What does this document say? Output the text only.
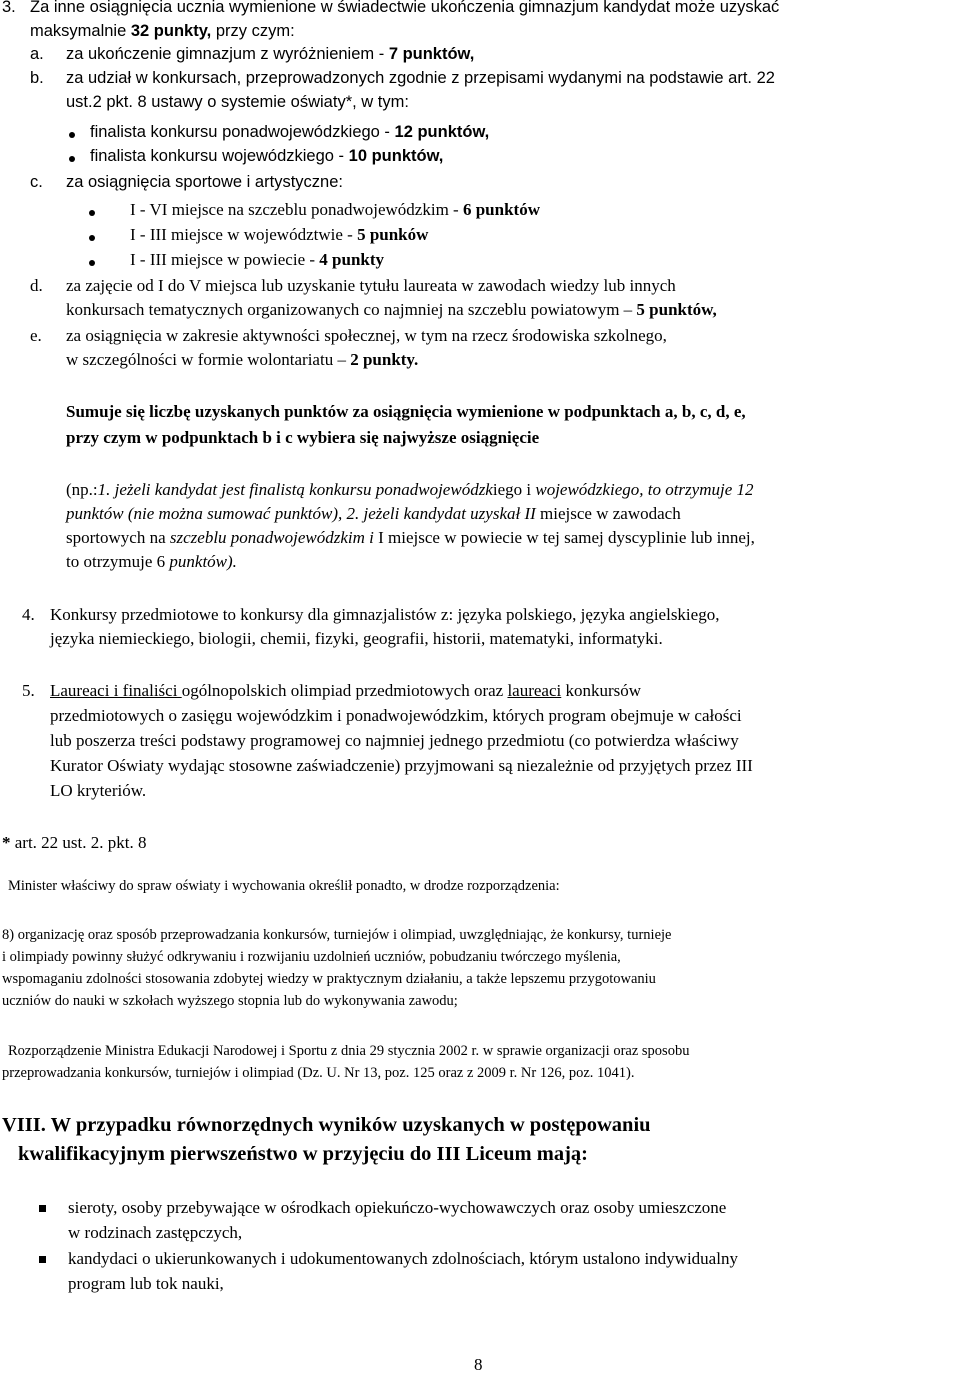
3. Za inne osiągnięcia ucznia wymienione w świadectwie ukończenia gimnazjum kandydat może uzyskać
maksymalnie 32 punkty, przy czym:
a. za ukończenie gimnazjum z wyróżnieniem - 7 punktów,
b. za udział w konkursach, przeprowadzonych zgodnie z przepisami wydanymi na podstawie art. 22
ust.2 pkt. 8 ustawy o systemie oświaty*, w tym:
finalista konkursu ponadwojewódzkiego - 12 punktów,
finalista konkursu wojewódzkiego - 10 punktów,
c. za osiągnięcia sportowe i artystyczne:
I - VI miejsce na szczeblu ponadwojewódzkim - 6 punktów
I - III miejsce w województwie - 5 punków
I - III miejsce w powiecie - 4 punkty
d. za zajęcie od I do V miejsca lub uzyskanie tytułu laureata w zawodach wiedzy lub innych
konkursach tematycznych organizowanych co najmniej na szczeblu powiatowym – 5 punktów,
e. za osiągnięcia w zakresie aktywności społecznej, w tym na rzecz środowiska szkolnego,
w szczególności w formie wolontariatu – 2 punkty.
Sumuje się liczbę uzyskanych punktów za osiągnięcia wymienione w podpunktach a, b, c, d, e,
przy czym w podpunktach b i c wybiera się najwyższe osiągnięcie
(np.:1. jeżeli kandydat jest finalistą konkursu ponadwojewódzkiego i wojewódzkiego, to otrzymuje 12
punktów (nie można sumować punktów), 2. jeżeli kandydat uzyskał II miejsce w zawodach
sportowych na szczeblu ponadwojewódzkim i I miejsce w powiecie w tej samej dyscyplinie lub innej,
to otrzymuje 6 punktów).
4. Konkursy przedmiotowe to konkursy dla gimnazjalistów z: języka polskiego, języka angielskiego,
języka niemieckiego, biologii, chemii, fizyki, geografii, historii, matematyki, informatyki.
5. Laureaci i finaliści ogólnopolskich olimpiad przedmiotowych oraz laureaci konkursów
przedmiotowych o zasięgu wojewódzkim i ponadwojewódzkim, których program obejmuje w całości
lub poszerza treści podstawy programowej co najmniej jednego przedmiotu (co potwierdza właściwy
Kurator Oświaty wydając stosowne zaświadczenie) przyjmowani są niezależnie od przyjętych przez III
LO kryteriów.
* art. 22 ust. 2. pkt. 8
Minister właściwy do spraw oświaty i wychowania określił ponadto, w drodze rozporządzenia:
8) organizację oraz sposób przeprowadzania konkursów, turniejów i olimpiad, uwzględniając, że konkursy, turnieje
i olimpiady powinny służyć odkrywaniu i rozwijaniu uzdolnień uczniów, pobudzaniu twórczego myślenia,
wspomaganiu zdolności stosowania zdobytej wiedzy w praktycznym działaniu, a także lepszemu przygotowaniu
uczniów do nauki w szkołach wyższego stopnia lub do wykonywania zawodu;
Rozporządzenie Ministra Edukacji Narodowej i Sportu z dnia 29 stycznia 2002 r. w sprawie organizacji oraz sposobu
przeprowadzania konkursów, turniejów i olimpiad (Dz. U. Nr 13, poz. 125 oraz z 2009 r. Nr 126, poz. 1041).
VIII. W przypadku równorzędnych wyników uzyskanych w postępowaniu
kwalifikacyjnym pierwszeństwo w przyjęciu do III Liceum mają:
sieroty, osoby przebywające w ośrodkach opiekuńczo-wychowawczych oraz osoby umieszczone
w rodzinach zastępczych,
kandydaci o ukierunkowanych i udokumentowanych zdolnościach, którym ustalono indywidualny
program lub tok nauki,
8
